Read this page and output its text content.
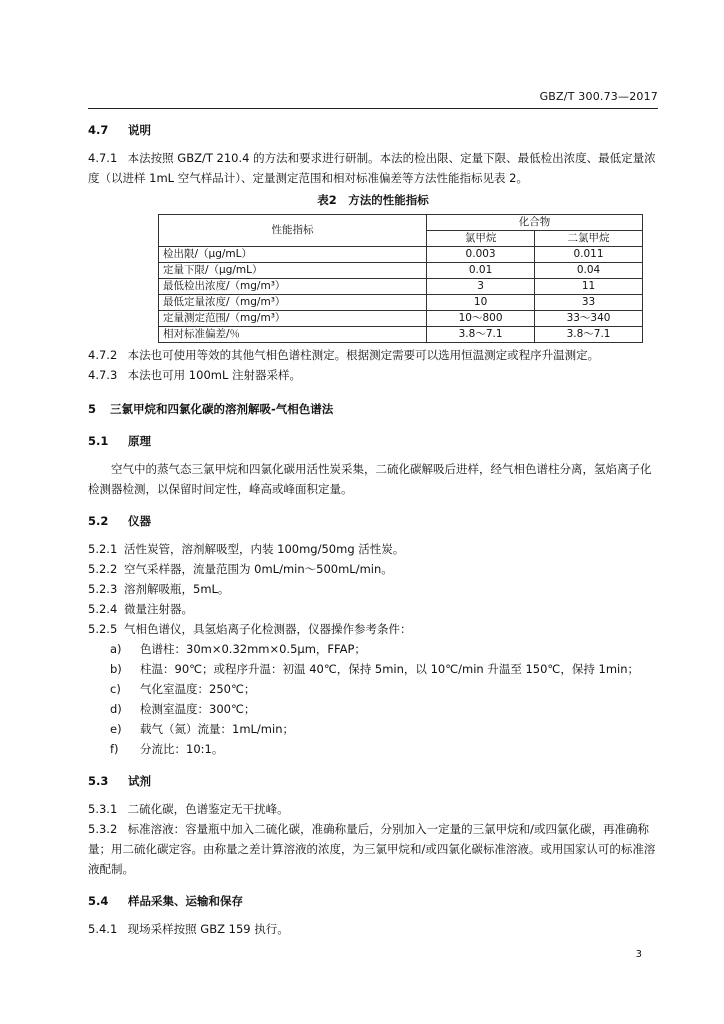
GBZ/T 300.73—2017

4.7 说明

4.7.1 本法按照 GBZ/T 210.4 的方法和要求进行研制。本法的检出限、定量下限、最低检出浓度、最低定量浓度（以进样 1mL 空气样品计）、定量测定范围和相对标准偏差等方法性能指标见表 2。

表2　方法的性能指标

性能指标	化合物	
	氯甲烷	二氯甲烷
检出限/（μg/mL）	0.003	0.011
定量下限/（μg/mL）	0.01	0.04
最低检出浓度/（mg/m³）	3	11
最低定量浓度/（mg/m³）	10	33
定量测定范围/（mg/m³）	10～800	33～340
相对标准偏差/％	3.8～7.1	3.8～7.1

4.7.2 本法也可使用等效的其他气相色谱柱测定。根据测定需要可以选用恒温测定或程序升温测定。

4.7.3 本法也可用 100mL 注射器采样。

5 三氯甲烷和四氯化碳的溶剂解吸-气相色谱法

5.1 原理

空气中的蒸气态三氯甲烷和四氯化碳用活性炭采集，二硫化碳解吸后进样，经气相色谱柱分离，氢焰离子化检测器检测，以保留时间定性，峰高或峰面积定量。

5.2 仪器

5.2.1 活性炭管，溶剂解吸型，内装 100mg/50mg 活性炭。

5.2.2 空气采样器，流量范围为 0mL/min～500mL/min。

5.2.3 溶剂解吸瓶，5mL。

5.2.4 微量注射器。

5.2.5 气相色谱仪，具氢焰离子化检测器，仪器操作参考条件：

a) 色谱柱：30m×0.32mm×0.5μm，FFAP；

b) 柱温：90℃；或程序升温：初温 40℃，保持 5min，以 10℃/min 升温至 150℃，保持 1min；

c) 气化室温度：250℃；

d) 检测室温度：300℃；

e) 载气（氮）流量：1mL/min；

f) 分流比：10:1。

5.3 试剂

5.3.1 二硫化碳，色谱鉴定无干扰峰。

5.3.2 标准溶液：容量瓶中加入二硫化碳，准确称量后，分别加入一定量的三氯甲烷和/或四氯化碳，再准确称量；用二硫化碳定容。由称量之差计算溶液的浓度，为三氯甲烷和/或四氯化碳标准溶液。或用国家认可的标准溶液配制。

5.4 样品采集、运输和保存

5.4.1 现场采样按照 GBZ 159 执行。

3
